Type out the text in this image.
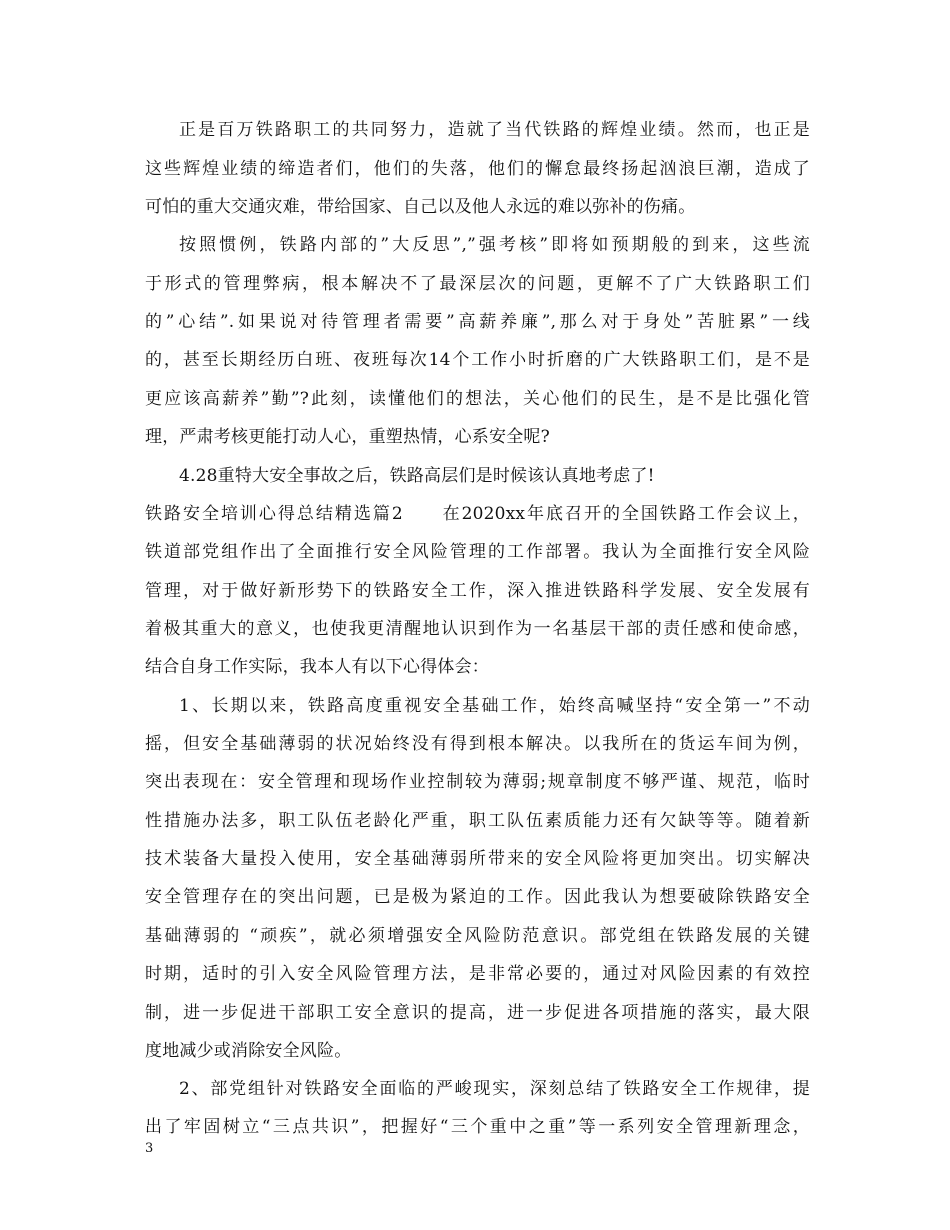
正是百万铁路职工的共同努力，造就了当代铁路的辉煌业绩。然而，也正是
这些辉煌业绩的缔造者们，他们的失落，他们的懈怠最终扬起汹浪巨潮，造成了
可怕的重大交通灾难，带给国家、自己以及他人永远的难以弥补的伤痛。
按照惯例，铁路内部的”大反思”,”强考核”即将如预期般的到来，这些流
于形式的管理弊病，根本解决不了最深层次的问题，更解不了广大铁路职工们
的”心结”.如果说对待管理者需要”高薪养廉”,那么对于身处”苦脏累”一线
的，甚至长期经历白班、夜班每次14个工作小时折磨的广大铁路职工们，是不是
更应该高薪养”勤”?此刻，读懂他们的想法，关心他们的民生，是不是比强化管
理，严肃考核更能打动人心，重塑热情，心系安全呢?
4.28重特大安全事故之后，铁路高层们是时候该认真地考虑了!
铁路安全培训心得总结精选篇2　　在2020xx年底召开的全国铁路工作会议上，
铁道部党组作出了全面推行安全风险管理的工作部署。我认为全面推行安全风险
管理，对于做好新形势下的铁路安全工作，深入推进铁路科学发展、安全发展有
着极其重大的意义，也使我更清醒地认识到作为一名基层干部的责任感和使命感，
结合自身工作实际，我本人有以下心得体会：
1、长期以来，铁路高度重视安全基础工作，始终高喊坚持“安全第一”不动
摇，但安全基础薄弱的状况始终没有得到根本解决。以我所在的货运车间为例，
突出表现在：安全管理和现场作业控制较为薄弱;规章制度不够严谨、规范，临时
性措施办法多，职工队伍老龄化严重，职工队伍素质能力还有欠缺等等。随着新
技术装备大量投入使用，安全基础薄弱所带来的安全风险将更加突出。切实解决
安全管理存在的突出问题，已是极为紧迫的工作。因此我认为想要破除铁路安全
基础薄弱的 “顽疾”，就必须增强安全风险防范意识。部党组在铁路发展的关键
时期，适时的引入安全风险管理方法，是非常必要的，通过对风险因素的有效控
制，进一步促进干部职工安全意识的提高，进一步促进各项措施的落实，最大限
度地减少或消除安全风险。
2、部党组针对铁路安全面临的严峻现实，深刻总结了铁路安全工作规律，提
出了牢固树立“三点共识”，把握好“三个重中之重”等一系列安全管理新理念，
3
